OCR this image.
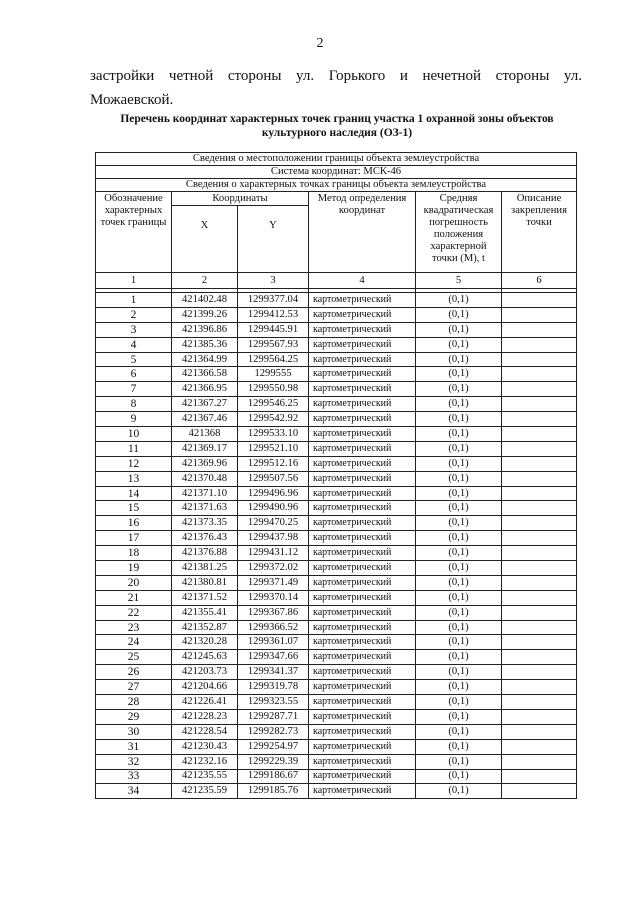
2
застройки четной стороны ул. Горького и нечетной стороны ул.
Можаевской.
Перечень координат характерных точек границ участка 1 охранной зоны объектов
культурного наследия (ОЗ-1)
Сведения о местоположении границы объекта землеустройства					
Система координат: МСК-46					
Сведения о характерных точках границы объекта землеустройства					
Обозначение характерных точек границы	Координаты		Метод определения координат	Средняя квадратическая погрешность положения характерной точки (М), t	Описание закрепления точки
	X	Y			
1	2	3	4	5	6

1	421402.48	1299377.04	картометрический	(0,1)	
2	421399.26	1299412.53	картометрический	(0,1)	
3	421396.86	1299445.91	картометрический	(0,1)	
4	421385.36	1299567.93	картометрический	(0,1)	
5	421364.99	1299564.25	картометрический	(0,1)	
6	421366.58	1299555	картометрический	(0,1)	
7	421366.95	1299550.98	картометрический	(0,1)	
8	421367.27	1299546.25	картометрический	(0,1)	
9	421367.46	1299542.92	картометрический	(0,1)	
10	421368	1299533.10	картометрический	(0,1)	
11	421369.17	1299521.10	картометрический	(0,1)	
12	421369.96	1299512.16	картометрический	(0,1)	
13	421370.48	1299507.56	картометрический	(0,1)	
14	421371.10	1299496.96	картометрический	(0,1)	
15	421371.63	1299490.96	картометрический	(0,1)	
16	421373.35	1299470.25	картометрический	(0,1)	
17	421376.43	1299437.98	картометрический	(0,1)	
18	421376.88	1299431.12	картометрический	(0,1)	
19	421381.25	1299372.02	картометрический	(0,1)	
20	421380.81	1299371.49	картометрический	(0,1)	
21	421371.52	1299370.14	картометрический	(0,1)	
22	421355.41	1299367.86	картометрический	(0,1)	
23	421352.87	1299366.52	картометрический	(0,1)	
24	421320.28	1299361.07	картометрический	(0,1)	
25	421245.63	1299347.66	картометрический	(0,1)	
26	421203.73	1299341.37	картометрический	(0,1)	
27	421204.66	1299319.78	картометрический	(0,1)	
28	421226.41	1299323.55	картометрический	(0,1)	
29	421228.23	1299287.71	картометрический	(0,1)	
30	421228.54	1299282.73	картометрический	(0,1)	
31	421230.43	1299254.97	картометрический	(0,1)	
32	421232.16	1299229.39	картометрический	(0,1)	
33	421235.55	1299186.67	картометрический	(0,1)	
34	421235.59	1299185.76	картометрический	(0,1)	
